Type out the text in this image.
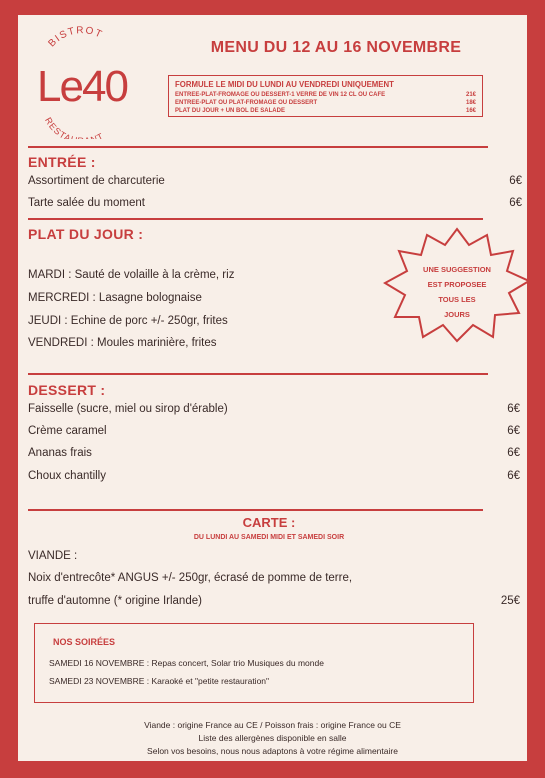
BISTROT
Le40
RESTA T
MENU DU 12 AU 16 NOVEMBRE
FORMULE LE MIDI DU LUNDI AU VENDREDI UNIQUEMENT
ENTREE-PLAT-FROMAGE OU DESSERT-1 VERRE DE VIN 12 CL OU CAFE	21€
ENTREE-PLAT OU PLAT-FROMAGE OU DESSERT	18€
PLAT DU JOUR + UN BOL DE SALADE	16€
ENTRÉE :
Assortiment de charcuterie	6€
Tarte salée du moment	6€
PLAT DU JOUR :
MARDI : Sauté de volaille à la crème, riz
MERCREDI : Lasagne bolognaise
JEUDI : Echine de porc +/- 250gr, frites
VENDREDI : Moules marinière, frites
UNE SUGGESTION
EST PROPOSEE
TOUS LES
JOURS
DESSERT :
Faisselle (sucre, miel ou sirop d'érable)	6€
Crème caramel	6€
Ananas frais	6€
Choux chantilly	6€
CARTE :
DU LUNDI AU SAMEDI MIDI ET SAMEDI SOIR
VIANDE :
Noix d'entrecôte* ANGUS +/- 250gr, écrasé de pomme de terre,
truffe d'automne (* origine Irlande)	25€
NOS SOIRÉES
SAMEDI 16 NOVEMBRE : Repas concert, Solar trio Musiques du monde
SAMEDI 23 NOVEMBRE : Karaoké et "petite restauration"
Viande : origine France au CE / Poisson frais : origine France ou CE
Liste des allergènes disponible en salle
Selon vos besoins, nous nous adaptons à votre régime alimentaire
